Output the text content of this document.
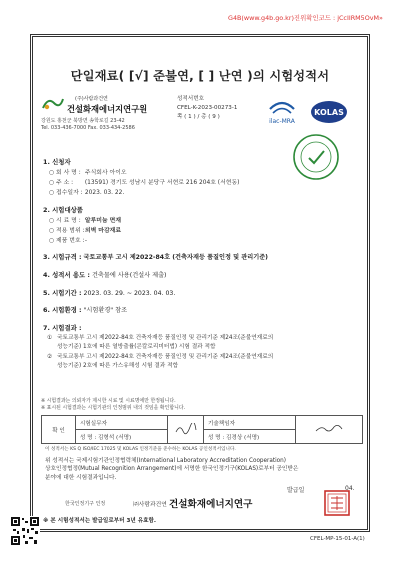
G4B(www.g4b.go.kr)진위확인코드 : jCcIIRM5OvM»
단일재료( [√] 준불연, [ ] 난연 )의 시험성적서
(주)사람과건연
건설화재에너지연구원
강원도 홍천군 북방면 송학로길 23-42
Tel. 033-436-7000 Fax. 033-434-2586
성적서번호
CFEL-K-2023-00273-1
쪽 ( 1 ) / 총 ( 9 )
ilac-MRA
KOLAS
1. 신청자
○ 회 사 명 : 주식회사 아이오
○ 주 소 : (13591) 경기도 성남시 분당구 서현로 216 204호 (서현동)
○ 접수일자 : 2023. 03. 22.
2. 시험대상품
○ 시 료 명 : 알루미늄 면재
○ 적용 범위 : 외벽 마감재료
○ 제품 번호 : -
3. 시험규격 : 국토교통부 고시 제2022-84호 (건축자재등 품질인정 및 관리기준)
4. 성적서 용도 : 건축물에 사용(건설사 제출)
5. 시험기간 : 2023. 03. 29. ~ 2023. 04. 03.
6. 시험환경 : "시험환경" 참조
7. 시험결과 :
① 국토교통부 고시 제2022-84호 건축자재등 품질인정 및 관리기준 제24조(준불연재료의
성능기준) 1호에 따른 열방출률(콘칼로리미터법) 시험 결과 적합
② 국토교통부 고시 제2022-84호 건축자재등 품질인정 및 관리기준 제24조(준불연재료의
성능기준) 2호에 따른 가스유해성 시험 결과 적합
※ 시험결과는 의뢰자가 제시한 시료 및 시료명에만 한정됩니다.
※ 표시된 시험결과는 시험기관의 인정범위 내의 것임을 확인합니다.
확 인	시험실무자		기술책임자	
	성 명 : 김형석 (서명)		성 명 : 김경상 (서명)	
이 성적서는 KS Q ISO/IEC 17025 및 KOLAS 인정기준을 준수하는 KOLAS 공인성적서입니다.
위 성적서는 국제시험기관인정협력체(International Laboratory Accreditation Cooperation)
상호인정협정(Mutual Recognition Arrangement)에 서명한 한국인정기구(KOLAS)로부터 공인받은
분야에 대한 시험결과입니다.
발급일	04.
한국인정기구 인정	㈜사람과건연 건설화재에너지연구
※ 본 시험성적서는 발급일로부터 3년 유효함.
CFEL-MP-15-01-A(1)
